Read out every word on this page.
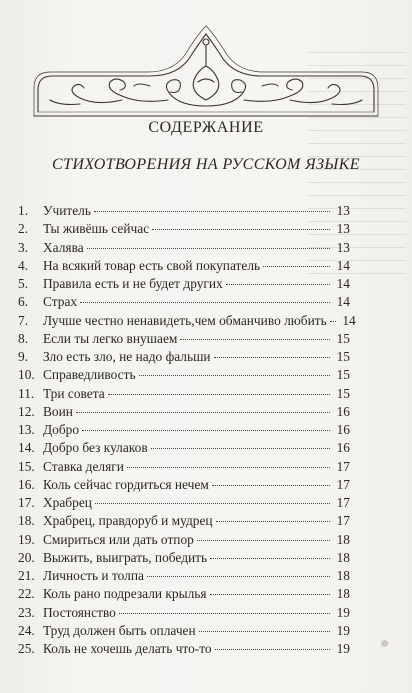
СОДЕРЖАНИЕ
СТИХОТВОРЕНИЯ НА РУССКОМ ЯЗЫКЕ
1.	Учитель	13
2.	Ты живёшь сейчас	13
3.	Халява	13
4.	На всякий товар есть свой покупатель	14
5.	Правила есть и не будет других	14
6.	Страх	14
7.	Лучше честно ненавидеть,чем обманчиво любить 14
8.	Если ты легко внушаем	15
9.	Зло есть зло, не надо фальши	15
10. Справедливость	15
11. Три совета	15
12. Воин	16
13. Добро	16
14. Добро без кулаков	16
15. Ставка деляги	17
16. Коль сейчас гордиться нечем	17
17. Храбрец	17
18. Храбрец, правдоруб и мудрец	17
19. Смириться или дать отпор	18
20. Выжить, выиграть, победить	18
21. Личность и толпа	18
22. Коль рано подрезали крылья	18
23. Постоянство	19
24. Труд должен быть оплачен	19
25. Коль не хочешь делать что-то	19
